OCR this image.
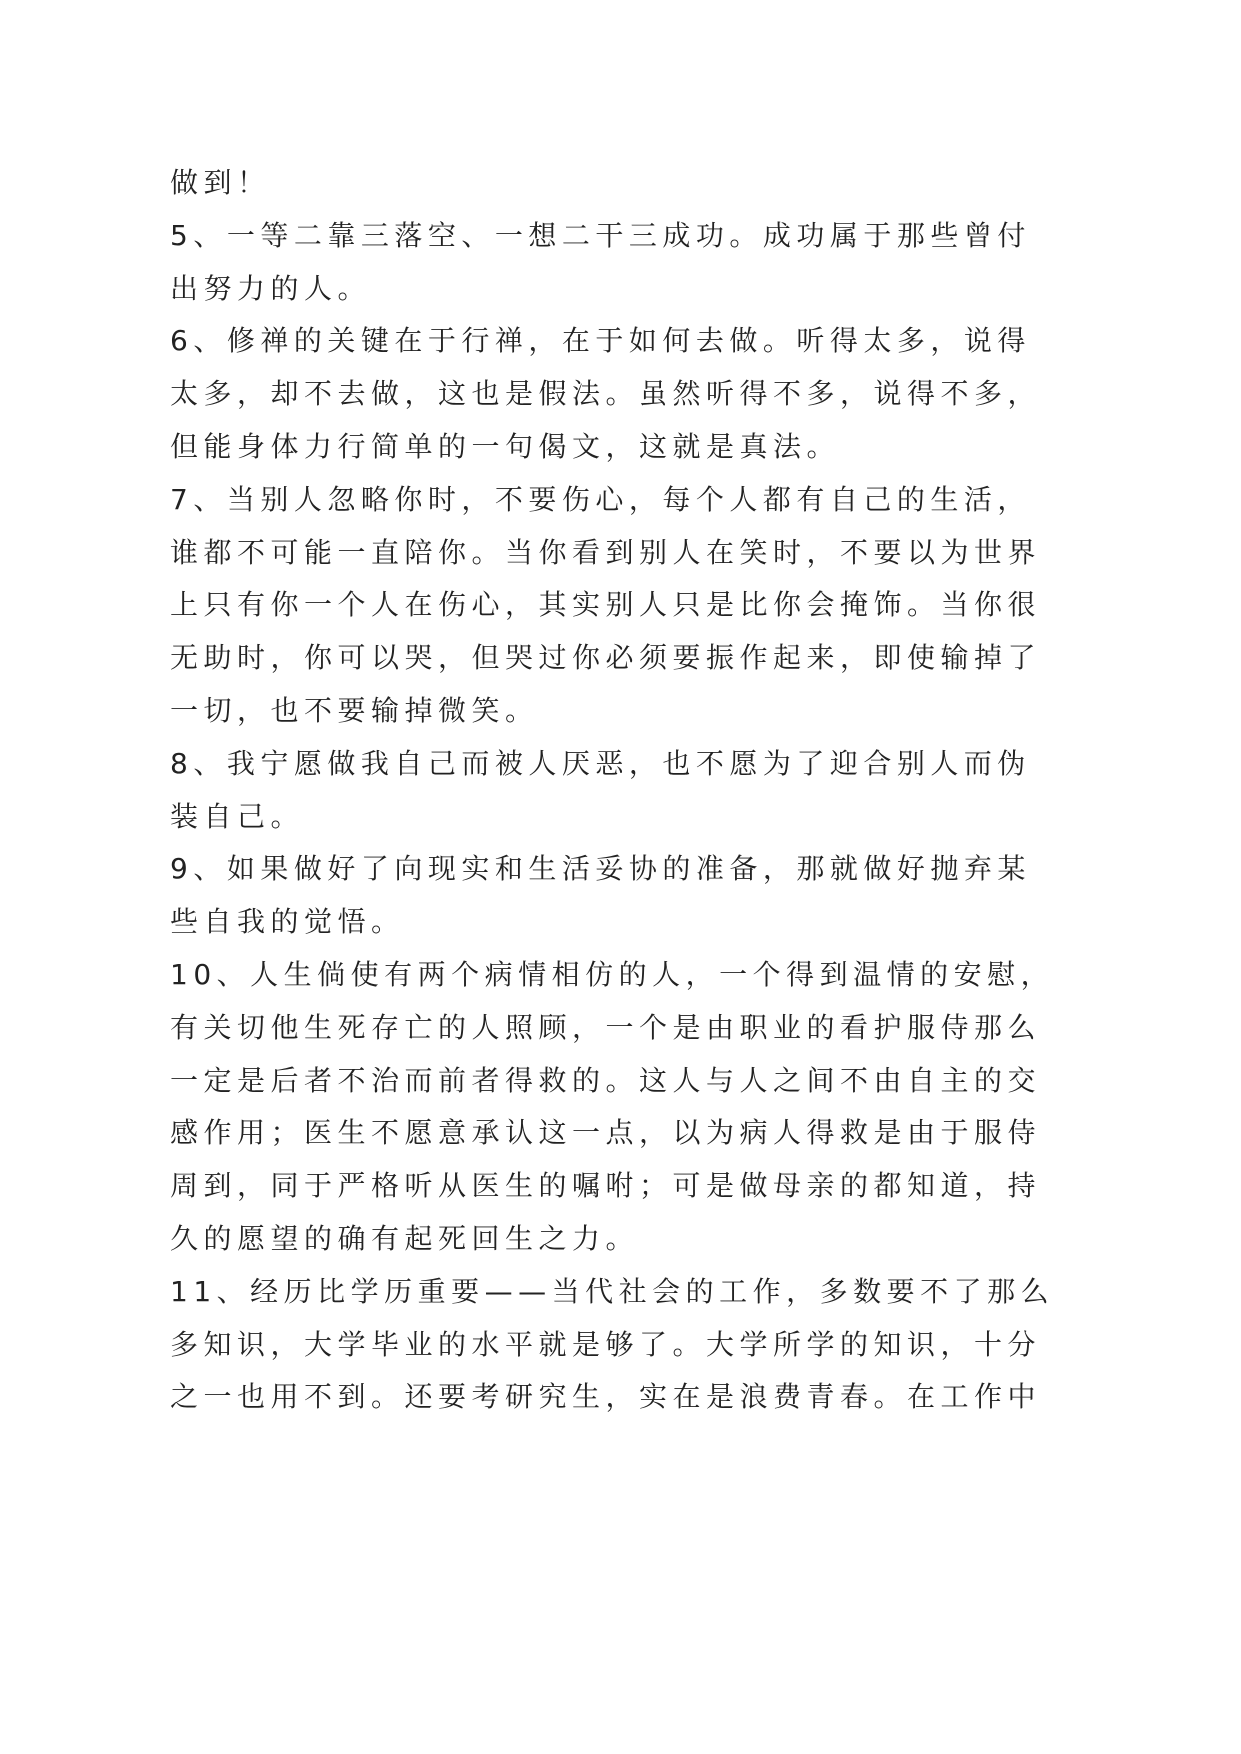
做到！
5、一等二靠三落空、一想二干三成功。成功属于那些曾付
出努力的人。
6、修禅的关键在于行禅，在于如何去做。听得太多，说得
太多，却不去做，这也是假法。虽然听得不多，说得不多，
但能身体力行简单的一句偈文，这就是真法。
7、当别人忽略你时，不要伤心，每个人都有自己的生活，
谁都不可能一直陪你。当你看到别人在笑时，不要以为世界
上只有你一个人在伤心，其实别人只是比你会掩饰。当你很
无助时，你可以哭，但哭过你必须要振作起来，即使输掉了
一切，也不要输掉微笑。
8、我宁愿做我自己而被人厌恶，也不愿为了迎合别人而伪
装自己。
9、如果做好了向现实和生活妥协的准备，那就做好抛弃某
些自我的觉悟。
10、人生倘使有两个病情相仿的人，一个得到温情的安慰，
有关切他生死存亡的人照顾，一个是由职业的看护服侍那么
一定是后者不治而前者得救的。这人与人之间不由自主的交
感作用；医生不愿意承认这一点，以为病人得救是由于服侍
周到，同于严格听从医生的嘱咐；可是做母亲的都知道，持
久的愿望的确有起死回生之力。
11、经历比学历重要——当代社会的工作，多数要不了那么
多知识，大学毕业的水平就是够了。大学所学的知识，十分
之一也用不到。还要考研究生，实在是浪费青春。在工作中
